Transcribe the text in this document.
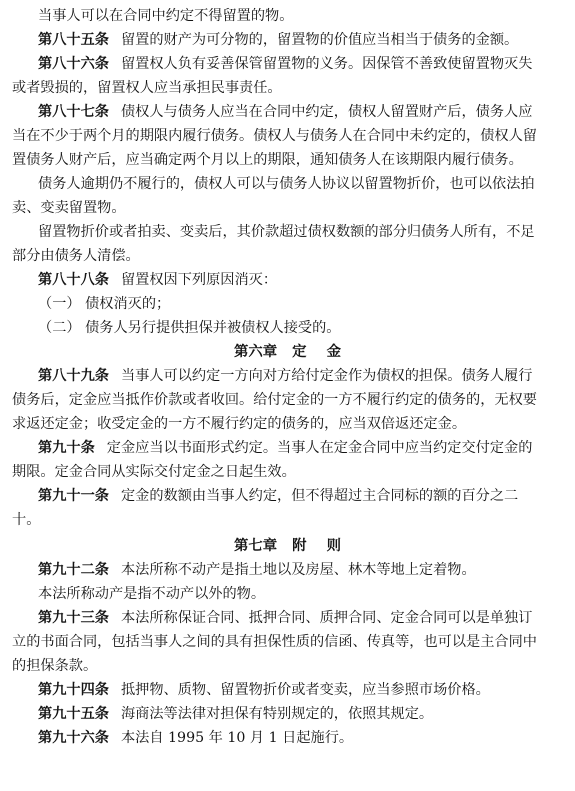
当事人可以在合同中约定不得留置的物。
第八十五条 留置的财产为可分物的，留置物的价值应当相当于债务的金额。
第八十六条 留置权人负有妥善保管留置物的义务。因保管不善致使留置物灭失
或者毁损的，留置权人应当承担民事责任。
第八十七条 债权人与债务人应当在合同中约定，债权人留置财产后，债务人应
当在不少于两个月的期限内履行债务。债权人与债务人在合同中未约定的，债权人留
置债务人财产后，应当确定两个月以上的期限，通知债务人在该期限内履行债务。
债务人逾期仍不履行的，债权人可以与债务人协议以留置物折价，也可以依法拍
卖、变卖留置物。
留置物折价或者拍卖、变卖后，其价款超过债权数额的部分归债务人所有，不足
部分由债务人清偿。
第八十八条 留置权因下列原因消灭：
（一） 债权消灭的；
（二） 债务人另行提供担保并被债权人接受的。
第六章   定    金
第八十九条 当事人可以约定一方向对方给付定金作为债权的担保。债务人履行
债务后，定金应当抵作价款或者收回。给付定金的一方不履行约定的债务的，无权要
求返还定金；收受定金的一方不履行约定的债务的，应当双倍返还定金。
第九十条 定金应当以书面形式约定。当事人在定金合同中应当约定交付定金的
期限。定金合同从实际交付定金之日起生效。
第九十一条 定金的数额由当事人约定，但不得超过主合同标的额的百分之二
十。
第七章   附    则
第九十二条 本法所称不动产是指土地以及房屋、林木等地上定着物。
本法所称动产是指不动产以外的物。
第九十三条 本法所称保证合同、抵押合同、质押合同、定金合同可以是单独订
立的书面合同，包括当事人之间的具有担保性质的信函、传真等，也可以是主合同中
的担保条款。
第九十四条 抵押物、质物、留置物折价或者变卖，应当参照市场价格。
第九十五条 海商法等法律对担保有特别规定的，依照其规定。
第九十六条 本法自 1995 年 10 月 1 日起施行。
